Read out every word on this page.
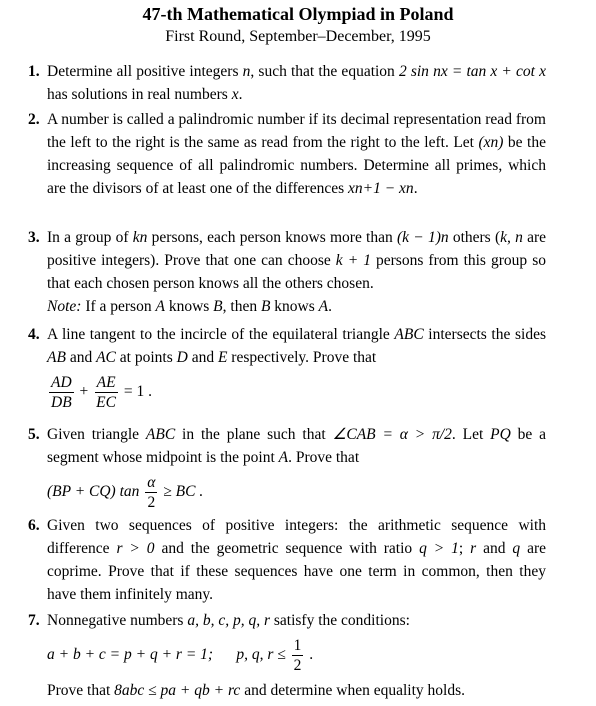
47-th Mathematical Olympiad in Poland
First Round, September–December, 1995
1. Determine all positive integers n, such that the equation 2 sin nx = tan x + cot x has solutions in real numbers x.
2. A number is called a palindromic number if its decimal representation read from the left to the right is the same as read from the right to the left. Let (xn) be the increasing sequence of all palindromic numbers. Determine all primes, which are the divisors of at least one of the differences xn+1 − xn.
3. In a group of kn persons, each person knows more than (k − 1)n others (k, n are positive integers). Prove that one can choose k + 1 persons from this group so that each chosen person knows all the others chosen.
Note: If a person A knows B, then B knows A.
4. A line tangent to the incircle of the equilateral triangle ABC intersects the sides AB and AC at points D and E respectively. Prove that
$\frac{AD}{DB} + \frac{AE}{EC} = 1$ .
5. Given triangle ABC in the plane such that ∠CAB = α > π/2. Let PQ be a segment whose midpoint is the point A. Prove that
(BP + CQ) $\tan \frac{\alpha}{2}$ ≥ BC .
6. Given two sequences of positive integers: the arithmetic sequence with difference r > 0 and the geometric sequence with ratio q > 1; r and q are coprime. Prove that if these sequences have one term in common, then they have them infinitely many.
7. Nonnegative numbers a, b, c, p, q, r satisfy the conditions:
a + b + c = p + q + r = 1; p, q, $r \le \frac{1}{2}$ .
Prove that 8abc ≤ pa + qb + rc and determine when equality holds.
